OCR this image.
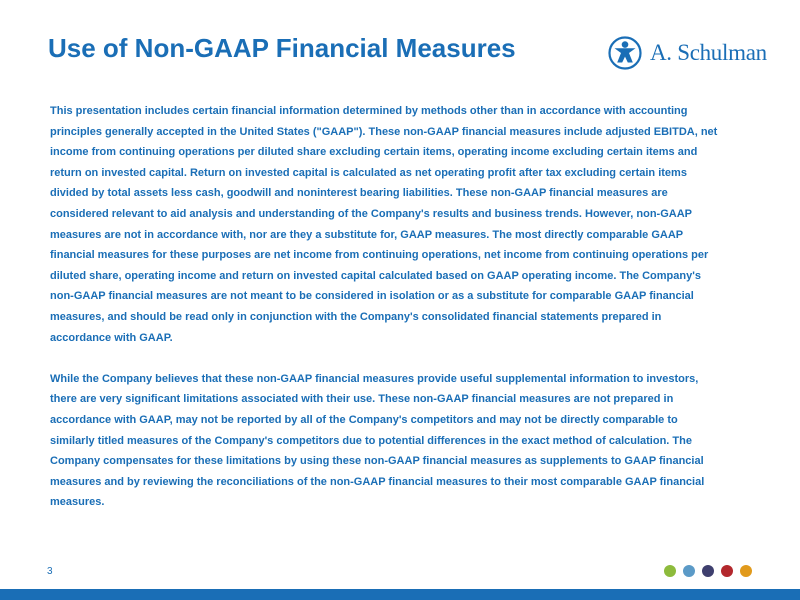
Use of Non-GAAP Financial Measures	A. Schulman

This presentation includes certain financial information determined by methods other than in accordance with accounting principles generally accepted in the United States ("GAAP"). These non-GAAP financial measures include adjusted EBITDA, net income from continuing operations per diluted share excluding certain items, operating income excluding certain items and return on invested capital. Return on invested capital is calculated as net operating profit after tax excluding certain items divided by total assets less cash, goodwill and noninterest bearing liabilities. These non-GAAP financial measures are considered relevant to aid analysis and understanding of the Company's results and business trends. However, non-GAAP measures are not in accordance with, nor are they a substitute for, GAAP measures. The most directly comparable GAAP financial measures for these purposes are net income from continuing operations, net income from continuing operations per diluted share, operating income and return on invested capital calculated based on GAAP operating income. The Company's non-GAAP financial measures are not meant to be considered in isolation or as a substitute for comparable GAAP financial measures, and should be read only in conjunction with the Company's consolidated financial statements prepared in accordance with GAAP.

While the Company believes that these non-GAAP financial measures provide useful supplemental information to investors, there are very significant limitations associated with their use. These non-GAAP financial measures are not prepared in accordance with GAAP, may not be reported by all of the Company's competitors and may not be directly comparable to similarly titled measures of the Company's competitors due to potential differences in the exact method of calculation. The Company compensates for these limitations by using these non-GAAP financial measures as supplements to GAAP financial measures and by reviewing the reconciliations of the non-GAAP financial measures to their most comparable GAAP financial measures.

3
